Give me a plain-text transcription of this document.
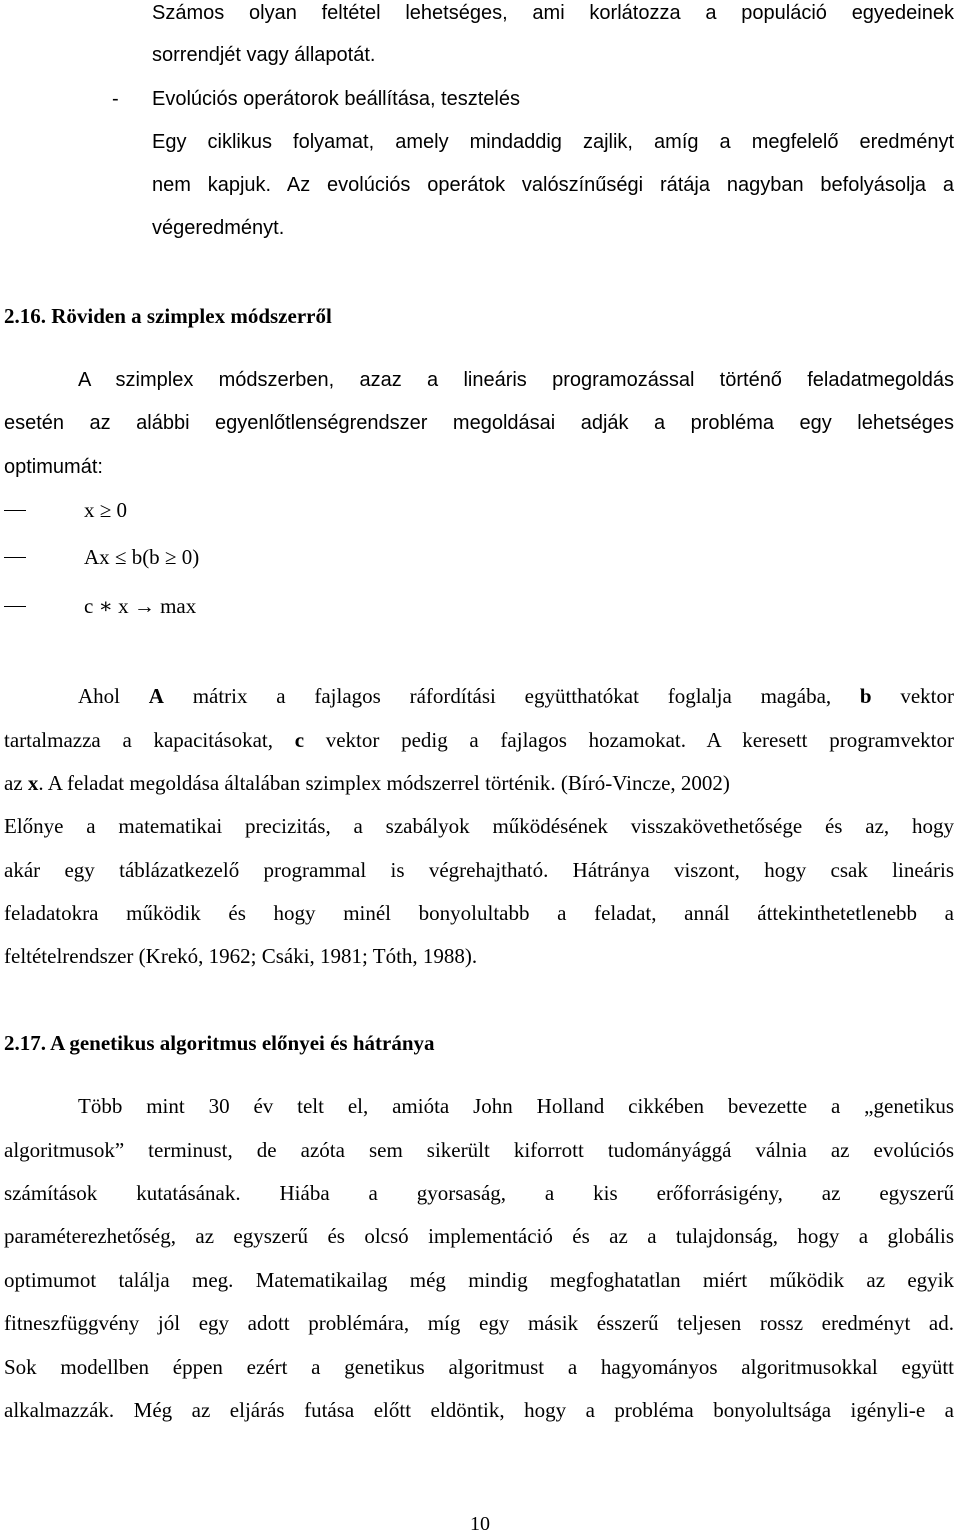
Számos olyan feltétel lehetséges, ami korlátozza a populáció egyedeinek

sorrendjét vagy állapotát.

-	Evolúciós operátorok beállítása, tesztelés

Egy ciklikus folyamat, amely mindaddig zajlik, amíg a megfelelő eredményt

nem kapjuk. Az evolúciós operátok valószínűségi rátája nagyban befolyásolja a

végeredményt.

2.16. Röviden a szimplex módszerről

A szimplex módszerben, azaz a lineáris programozással történő feladatmegoldás

esetén az alábbi egyenlőtlenségrendszer megoldásai adják a probléma egy lehetséges

optimumát:

x ≥ 0
Ax ≤ b(b ≥ 0)
c ∗ x → max

Ahol A mátrix a fajlagos ráfordítási együtthatókat foglalja magába, b vektor

tartalmazza a kapacitásokat, c vektor pedig a fajlagos hozamokat. A keresett programvektor

az x. A feladat megoldása általában szimplex módszerrel történik. (Bíró-Vincze, 2002)

Előnye a matematikai precizitás, a szabályok működésének visszakövethetősége és az, hogy

akár egy táblázatkezelő programmal is végrehajtható. Hátránya viszont, hogy csak lineáris

feladatokra működik és hogy minél bonyolultabb a feladat, annál áttekinthetetlenebb a

feltételrendszer (Krekó, 1962; Csáki, 1981; Tóth, 1988).

2.17. A genetikus algoritmus előnyei és hátránya

Több mint 30 év telt el, amióta John Holland cikkében bevezette a „genetikus

algoritmusok” terminust, de azóta sem sikerült kiforrott tudományággá válnia az evolúciós

számítások kutatásának. Hiába a gyorsaság, a kis erőforrásigény, az egyszerű

paraméterezhetőség, az egyszerű és olcsó implementáció és az a tulajdonság, hogy a globális

optimumot találja meg. Matematikailag még mindig megfoghatatlan miért működik az egyik

fitneszfüggvény jól egy adott problémára, míg egy másik ésszerű teljesen rossz eredményt ad.

Sok modellben éppen ezért a genetikus algoritmust a hagyományos algoritmusokkal együtt

alkalmazzák. Még az eljárás futása előtt eldöntik, hogy a probléma bonyolultsága igényli-e a

10
